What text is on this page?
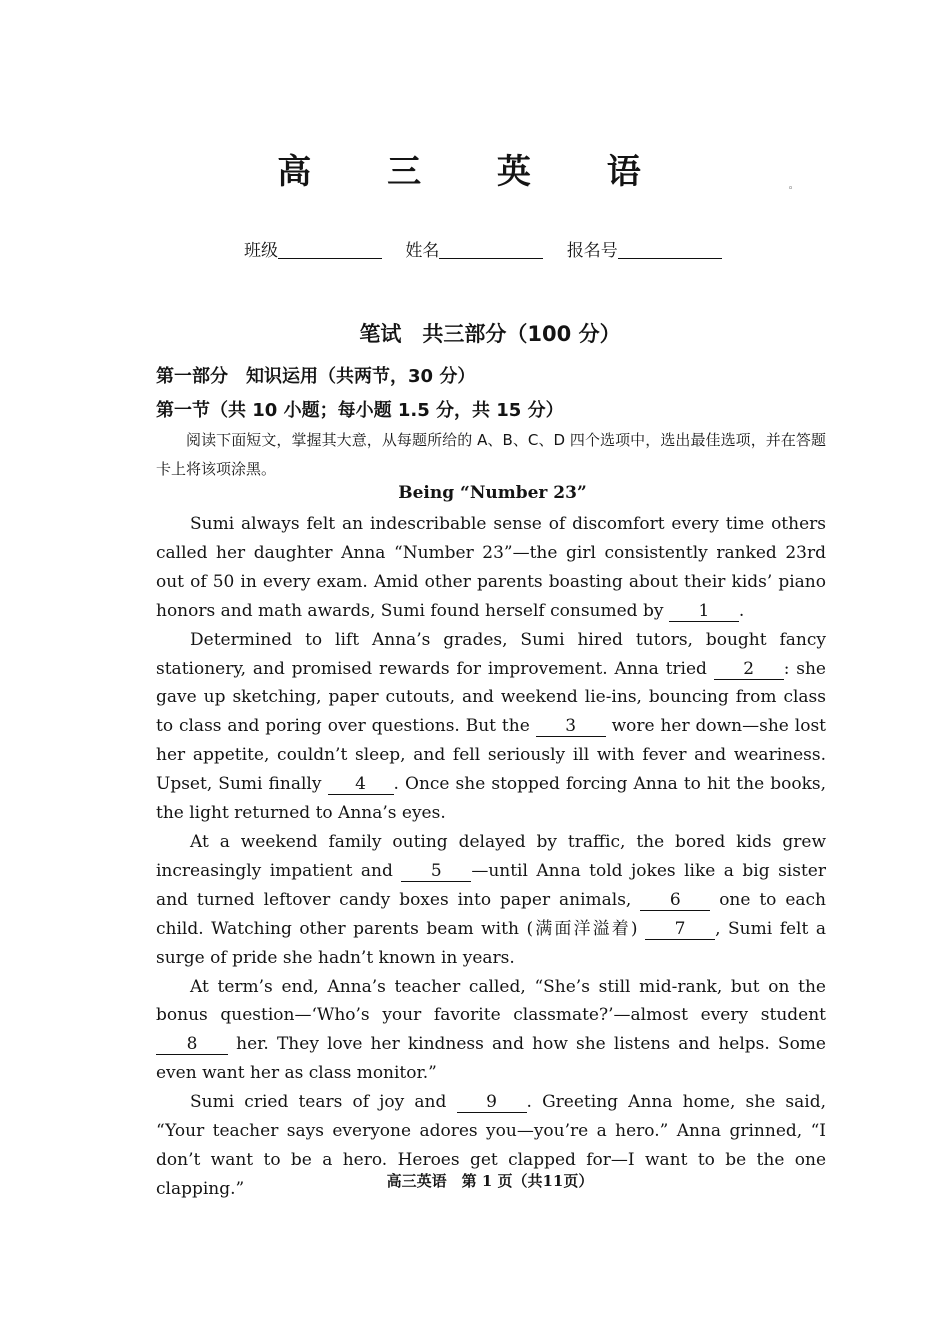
高 三 英 语	◦
班级	姓名	报名号
笔试　共三部分（100 分）
第一部分　知识运用（共两节，30 分）
第一节（共 10 小题；每小题 1.5 分，共 15 分）
阅读下面短文，掌握其大意，从每题所给的 A、B、C、D 四个选项中，选出最佳选项，并在答题卡上将该项涂黑。
Being “Number 23”

Sumi always felt an indescribable sense of discomfort every time others called her daughter Anna “Number 23”—the girl consistently ranked 23rd out of 50 in every exam. Amid other parents boasting about their kids’ piano honors and math awards, Sumi found herself consumed by 1 .

Determined to lift Anna’s grades, Sumi hired tutors, bought fancy stationery, and promised rewards for improvement. Anna tried 2 : she gave up sketching, paper cutouts, and weekend lie-ins, bouncing from class to class and poring over questions. But the 3 wore her down—she lost her appetite, couldn’t sleep, and fell seriously ill with fever and weariness. Upset, Sumi finally 4 . Once she stopped forcing Anna to hit the books, the light returned to Anna’s eyes.

At a weekend family outing delayed by traffic, the bored kids grew increasingly impatient and 5 —until Anna told jokes like a big sister and turned leftover candy boxes into paper animals, 6 one to each child. Watching other parents beam with (满面洋溢着) 7 , Sumi felt a surge of pride she hadn’t known in years.

At term’s end, Anna’s teacher called, “She’s still mid-rank, but on the bonus question—‘Who’s your favorite classmate?’—almost every student 8 her. They love her kindness and how she listens and helps. Some even want her as class monitor.”

Sumi cried tears of joy and 9 . Greeting Anna home, she said, “Your teacher says everyone adores you—you’re a hero.” Anna grinned, “I don’t want to be a hero. Heroes get clapped for—I want to be the one clapping.”	高三英语　第 1 页（共11页）
